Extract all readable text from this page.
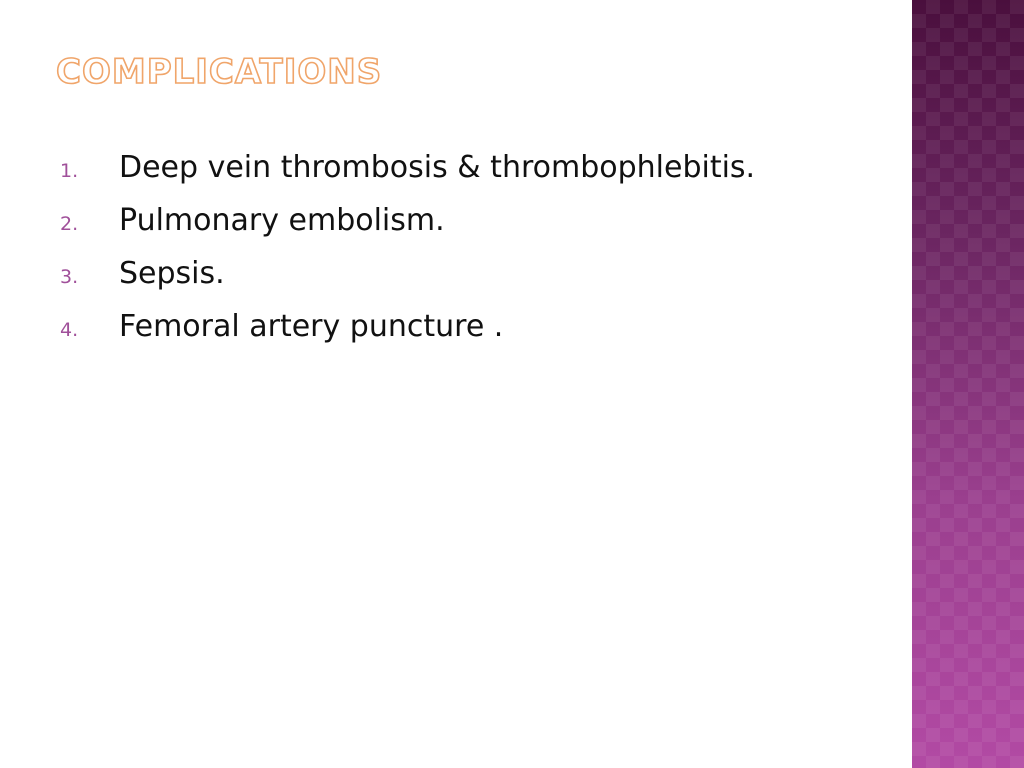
COMPLICATIONS
1.	Deep vein thrombosis & thrombophlebitis.
2.	Pulmonary embolism.
3.	Sepsis.
4.	Femoral artery puncture .
